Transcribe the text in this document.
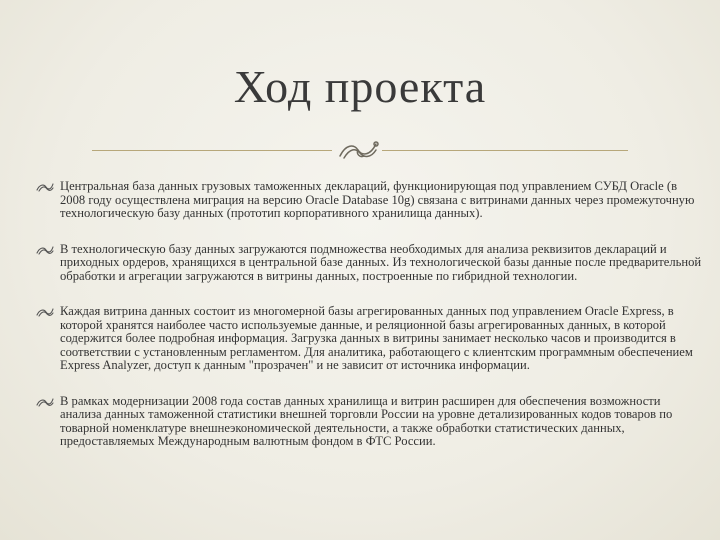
Ход проекта
Центральная база данных грузовых таможенных деклараций, функционирующая под управлением СУБД Oracle (в 2008 году осуществлена миграция на версию Oracle Database 10g) связана с витринами данных через промежуточную технологическую базу данных (прототип корпоративного хранилища данных).
В технологическую базу данных загружаются подмножества необходимых для анализа реквизитов деклараций и приходных ордеров, хранящихся в центральной базе данных. Из технологической базы данные после предварительной обработки и агрегации загружаются в витрины данных, построенные по гибридной технологии.
Каждая витрина данных состоит из многомерной базы агрегированных данных под управлением Oracle Express, в которой хранятся наиболее часто используемые данные, и реляционной базы агрегированных данных, в которой содержится более подробная информация. Загрузка данных в витрины занимает несколько часов и производится в соответствии с установленным регламентом. Для аналитика, работающего с клиентским программным обеспечением Express Analyzer, доступ к данным "прозрачен" и не зависит от источника информации.
В рамках модернизации 2008 года состав данных хранилища и витрин расширен для обеспечения возможности анализа данных таможенной статистики внешней торговли России на уровне детализированных кодов товаров по товарной номенклатуре внешнеэкономической деятельности, а также обработки статистических данных, предоставляемых Международным валютным фондом в ФТС России.
